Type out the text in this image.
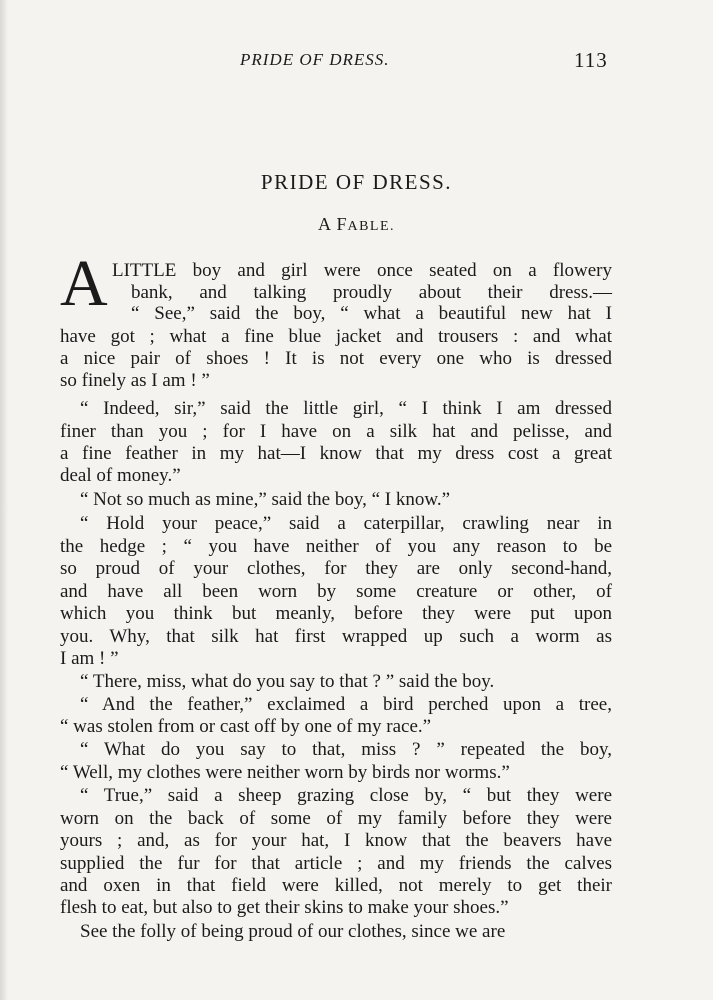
PRIDE OF DRESS.	113
PRIDE OF DRESS.
A FABLE.
A LITTLE boy and girl were once seated on a flowery
bank, and talking proudly about their dress.—
“ See,” said the boy, “ what a beautiful new hat I
have got ; what a fine blue jacket and trousers : and what
a nice pair of shoes ! It is not every one who is dressed
so finely as I am ! ”
“ Indeed, sir,” said the little girl, “ I think I am dressed
finer than you ; for I have on a silk hat and pelisse, and
a fine feather in my hat—I know that my dress cost a great
deal of money.”
“ Not so much as mine,” said the boy, “ I know.”
“ Hold your peace,” said a caterpillar, crawling near in
the hedge ; “ you have neither of you any reason to be
so proud of your clothes, for they are only second-hand,
and have all been worn by some creature or other, of
which you think but meanly, before they were put upon
you. Why, that silk hat first wrapped up such a worm as
I am ! ”
“ There, miss, what do you say to that ? ” said the boy.
“ And the feather,” exclaimed a bird perched upon a tree,
“ was stolen from or cast off by one of my race.”
“ What do you say to that, miss ? ” repeated the boy,
“ Well, my clothes were neither worn by birds nor worms.”
“ True,” said a sheep grazing close by, “ but they were
worn on the back of some of my family before they were
yours ; and, as for your hat, I know that the beavers have
supplied the fur for that article ; and my friends the calves
and oxen in that field were killed, not merely to get their
flesh to eat, but also to get their skins to make your shoes.”
See the folly of being proud of our clothes, since we are
